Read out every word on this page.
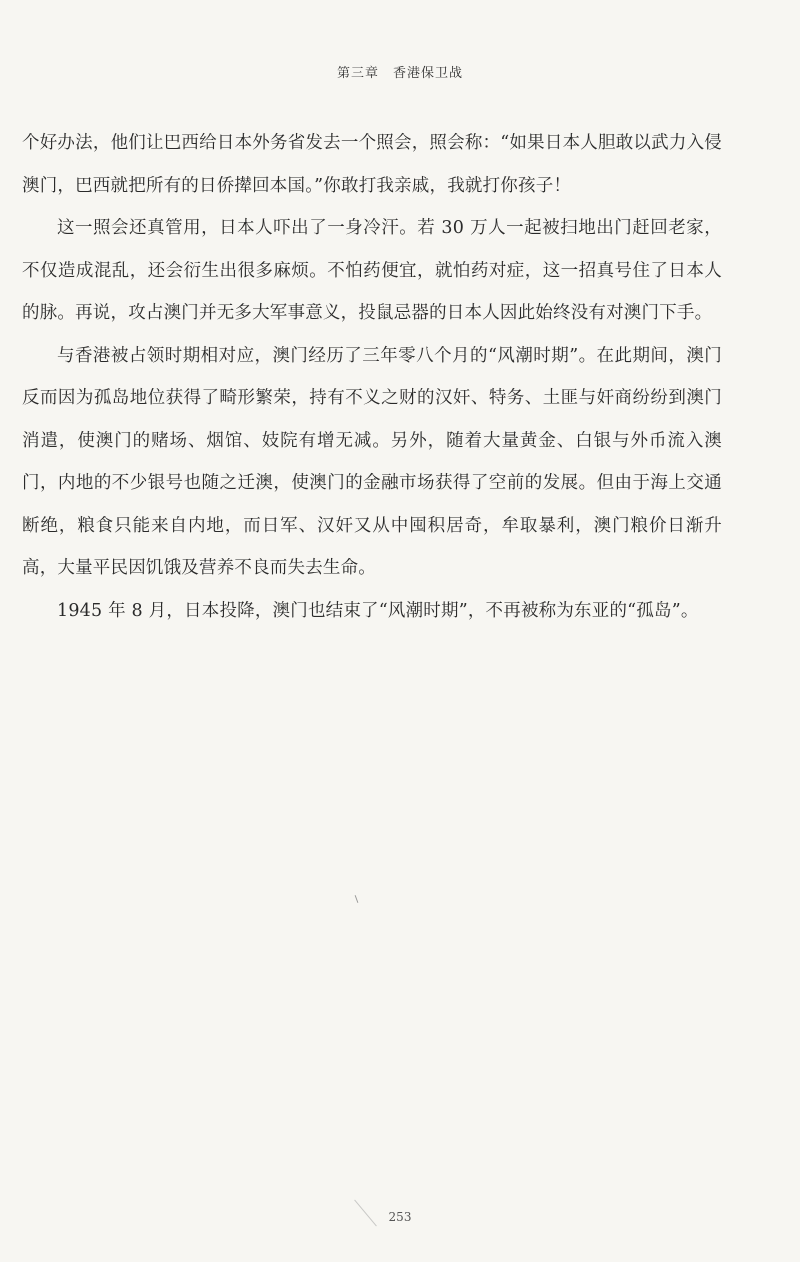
第三章　香港保卫战

个好办法，他们让巴西给日本外务省发去一个照会，照会称：“如果日本人胆敢以武力入侵澳门，巴西就把所有的日侨撵回本国。”你敢打我亲戚，我就打你孩子！

这一照会还真管用，日本人吓出了一身冷汗。若 30 万人一起被扫地出门赶回老家，不仅造成混乱，还会衍生出很多麻烦。不怕药便宜，就怕药对症，这一招真号住了日本人的脉。再说，攻占澳门并无多大军事意义，投鼠忌器的日本人因此始终没有对澳门下手。

与香港被占领时期相对应，澳门经历了三年零八个月的“风潮时期”。在此期间，澳门反而因为孤岛地位获得了畸形繁荣，持有不义之财的汉奸、特务、土匪与奸商纷纷到澳门消遣，使澳门的赌场、烟馆、妓院有增无减。另外，随着大量黄金、白银与外币流入澳门，内地的不少银号也随之迁澳，使澳门的金融市场获得了空前的发展。但由于海上交通断绝，粮食只能来自内地，而日军、汉奸又从中囤积居奇，牟取暴利，澳门粮价日渐升高，大量平民因饥饿及营养不良而失去生命。

1945 年 8 月，日本投降，澳门也结束了“风潮时期”，不再被称为东亚的“孤岛”。

253
